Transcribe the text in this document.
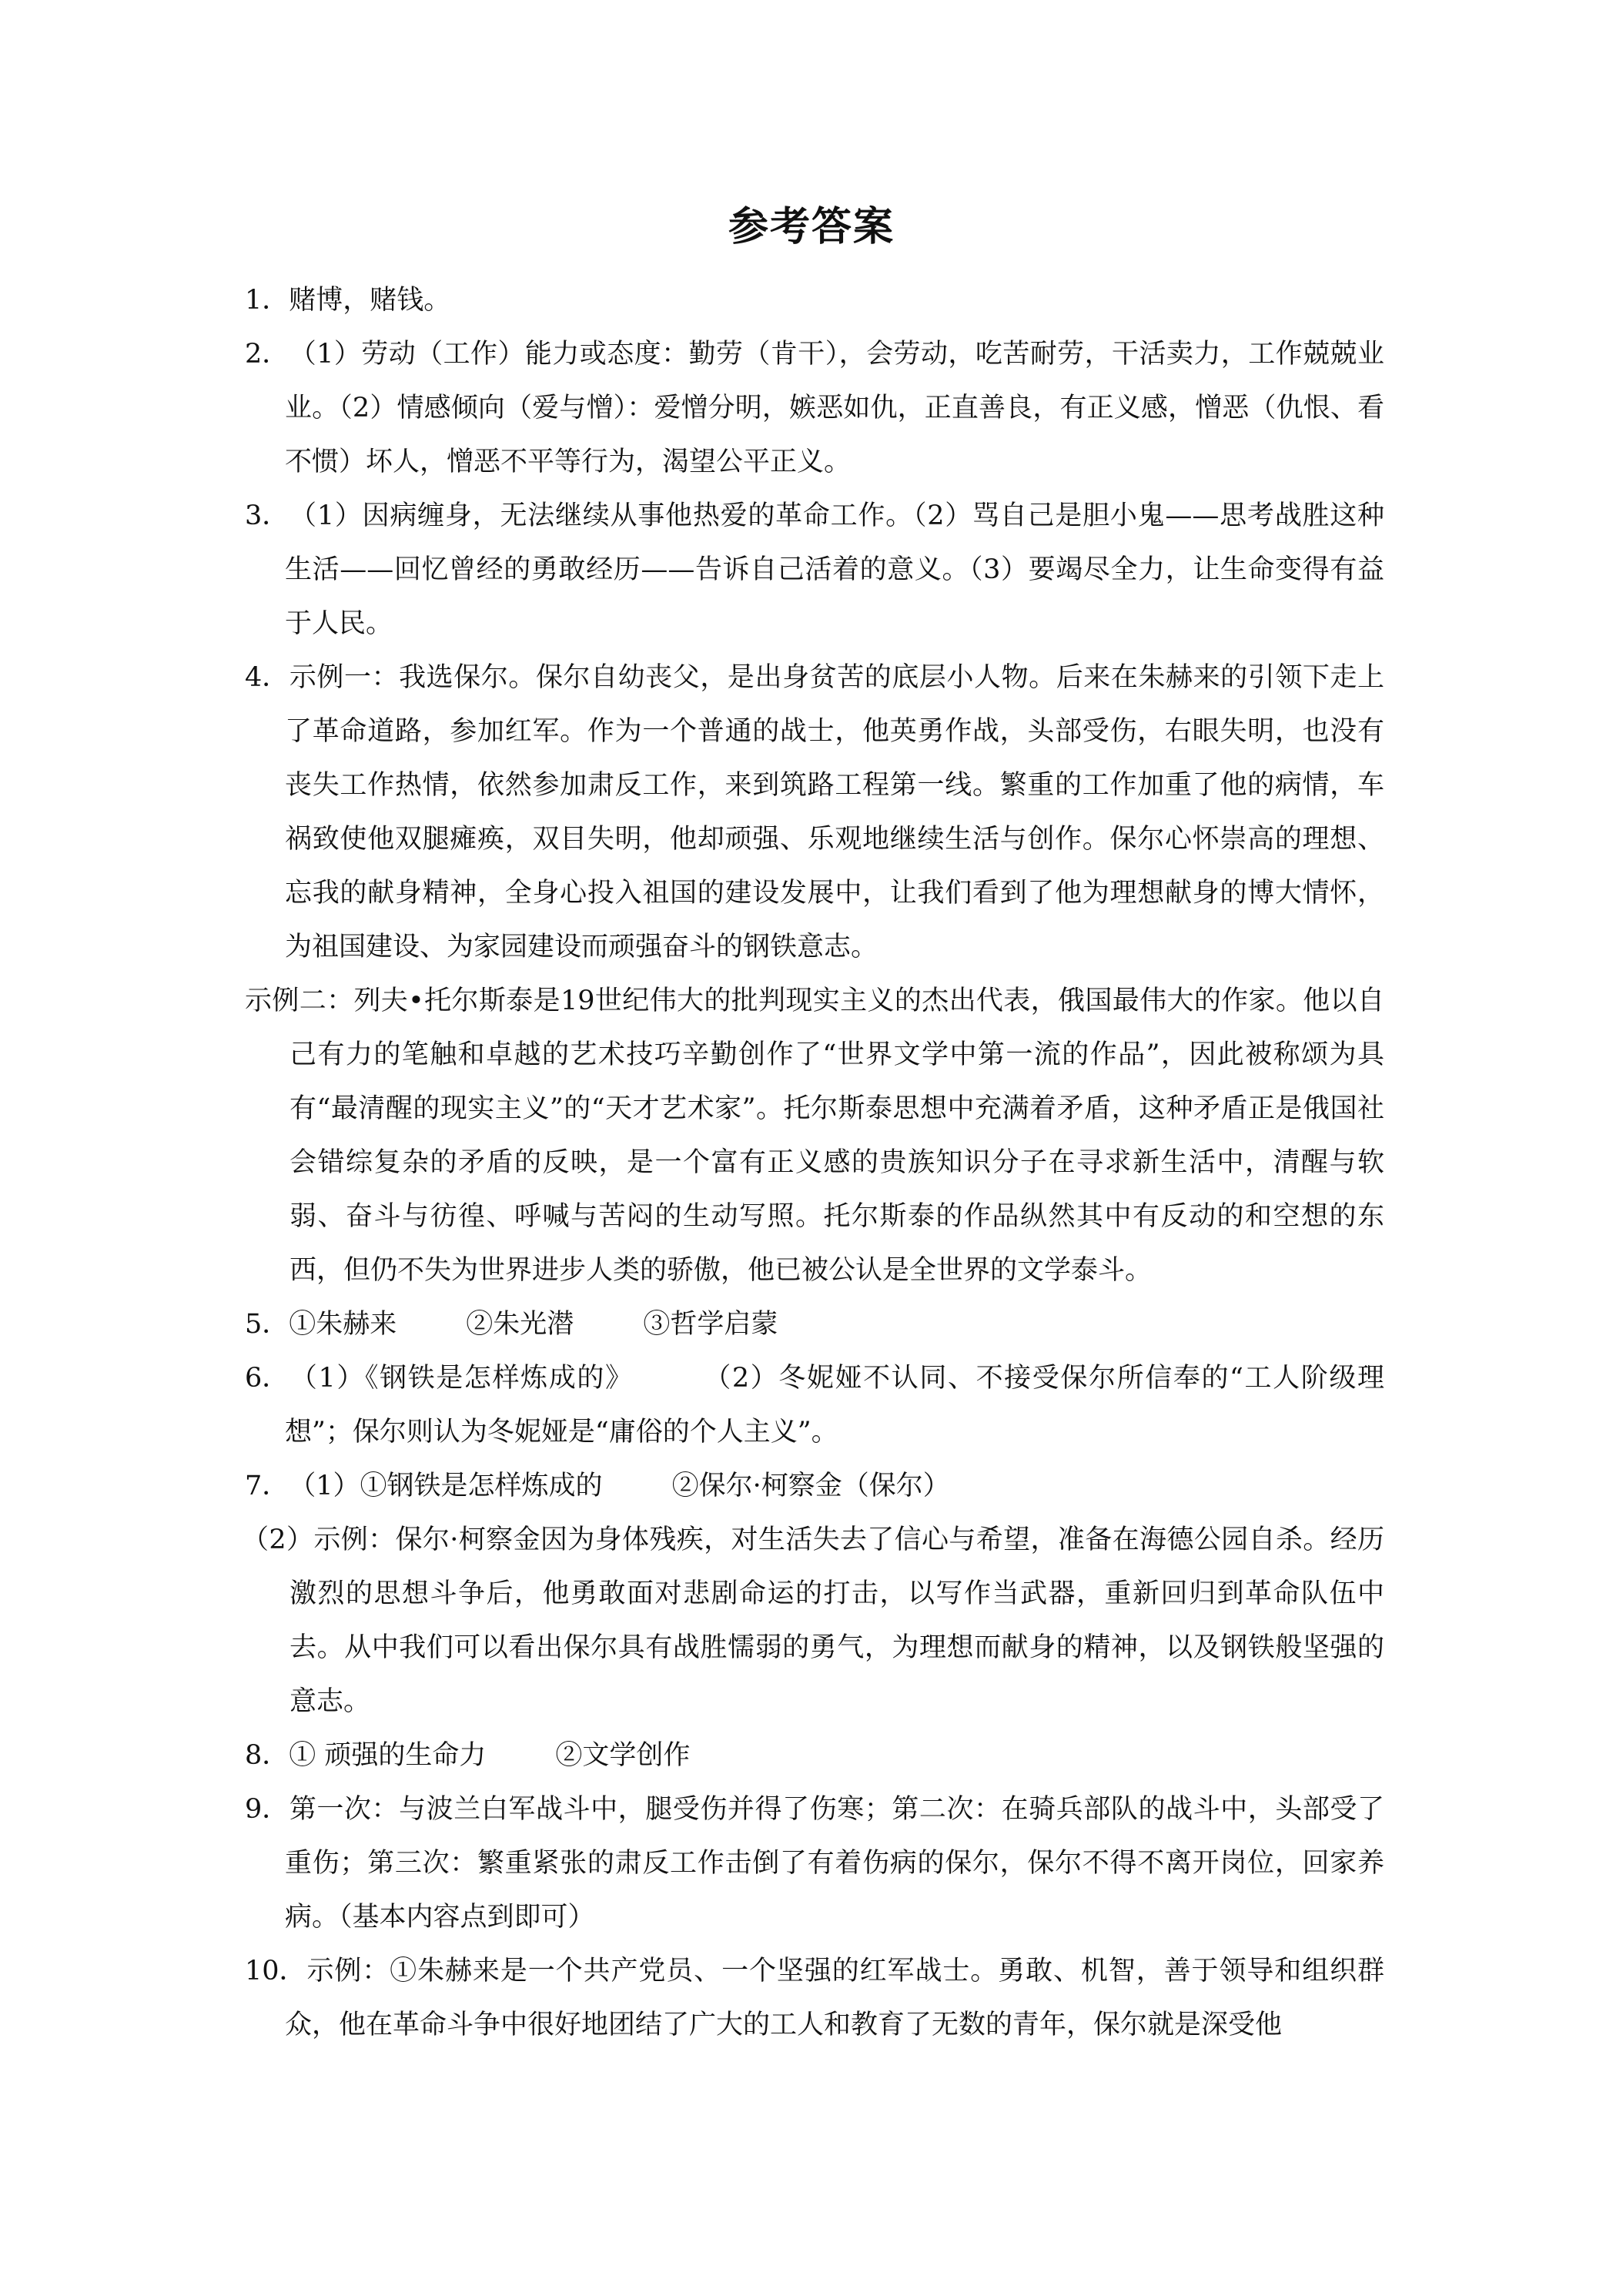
参考答案

1．赌博，赌钱。

2．（1）劳动（工作）能力或态度：勤劳（肯干），会劳动，吃苦耐劳，干活卖力，工作兢兢业业。（2）情感倾向（爱与憎）：爱憎分明，嫉恶如仇，正直善良，有正义感，憎恶（仇恨、看不惯）坏人，憎恶不平等行为，渴望公平正义。

3．（1）因病缠身，无法继续从事他热爱的革命工作。（2）骂自己是胆小鬼——思考战胜这种生活——回忆曾经的勇敢经历——告诉自己活着的意义。（3）要竭尽全力，让生命变得有益于人民。

4．示例一：我选保尔。保尔自幼丧父，是出身贫苦的底层小人物。后来在朱赫来的引领下走上了革命道路，参加红军。作为一个普通的战士，他英勇作战，头部受伤，右眼失明，也没有丧失工作热情，依然参加肃反工作，来到筑路工程第一线。繁重的工作加重了他的病情，车祸致使他双腿瘫痪，双目失明，他却顽强、乐观地继续生活与创作。保尔心怀崇高的理想、忘我的献身精神，全身心投入祖国的建设发展中，让我们看到了他为理想献身的博大情怀，为祖国建设、为家园建设而顽强奋斗的钢铁意志。

示例二：列夫•托尔斯泰是19世纪伟大的批判现实主义的杰出代表，俄国最伟大的作家。他以自己有力的笔触和卓越的艺术技巧辛勤创作了“世界文学中第一流的作品”，因此被称颂为具有“最清醒的现实主义”的“天才艺术家”。托尔斯泰思想中充满着矛盾，这种矛盾正是俄国社会错综复杂的矛盾的反映，是一个富有正义感的贵族知识分子在寻求新生活中，清醒与软弱、奋斗与彷徨、呼喊与苦闷的生动写照。托尔斯泰的作品纵然其中有反动的和空想的东西，但仍不失为世界进步人类的骄傲，他已被公认是全世界的文学泰斗。

5．①朱赫来	②朱光潜	③哲学启蒙

6．（1）《钢铁是怎样炼成的》	（2）冬妮娅不认同、不接受保尔所信奉的“工人阶级理想”；保尔则认为冬妮娅是“庸俗的个人主义”。

7．（1）①钢铁是怎样炼成的	②保尔·柯察金（保尔）

（2）示例：保尔·柯察金因为身体残疾，对生活失去了信心与希望，准备在海德公园自杀。经历激烈的思想斗争后，他勇敢面对悲剧命运的打击，以写作当武器，重新回归到革命队伍中去。从中我们可以看出保尔具有战胜懦弱的勇气，为理想而献身的精神，以及钢铁般坚强的意志。

8．① 顽强的生命力	②文学创作

9．第一次：与波兰白军战斗中，腿受伤并得了伤寒；第二次：在骑兵部队的战斗中，头部受了重伤；第三次：繁重紧张的肃反工作击倒了有着伤病的保尔，保尔不得不离开岗位，回家养病。（基本内容点到即可）

10．示例：①朱赫来是一个共产党员、一个坚强的红军战士。勇敢、机智，善于领导和组织群众，他在革命斗争中很好地团结了广大的工人和教育了无数的青年，保尔就是深受他
